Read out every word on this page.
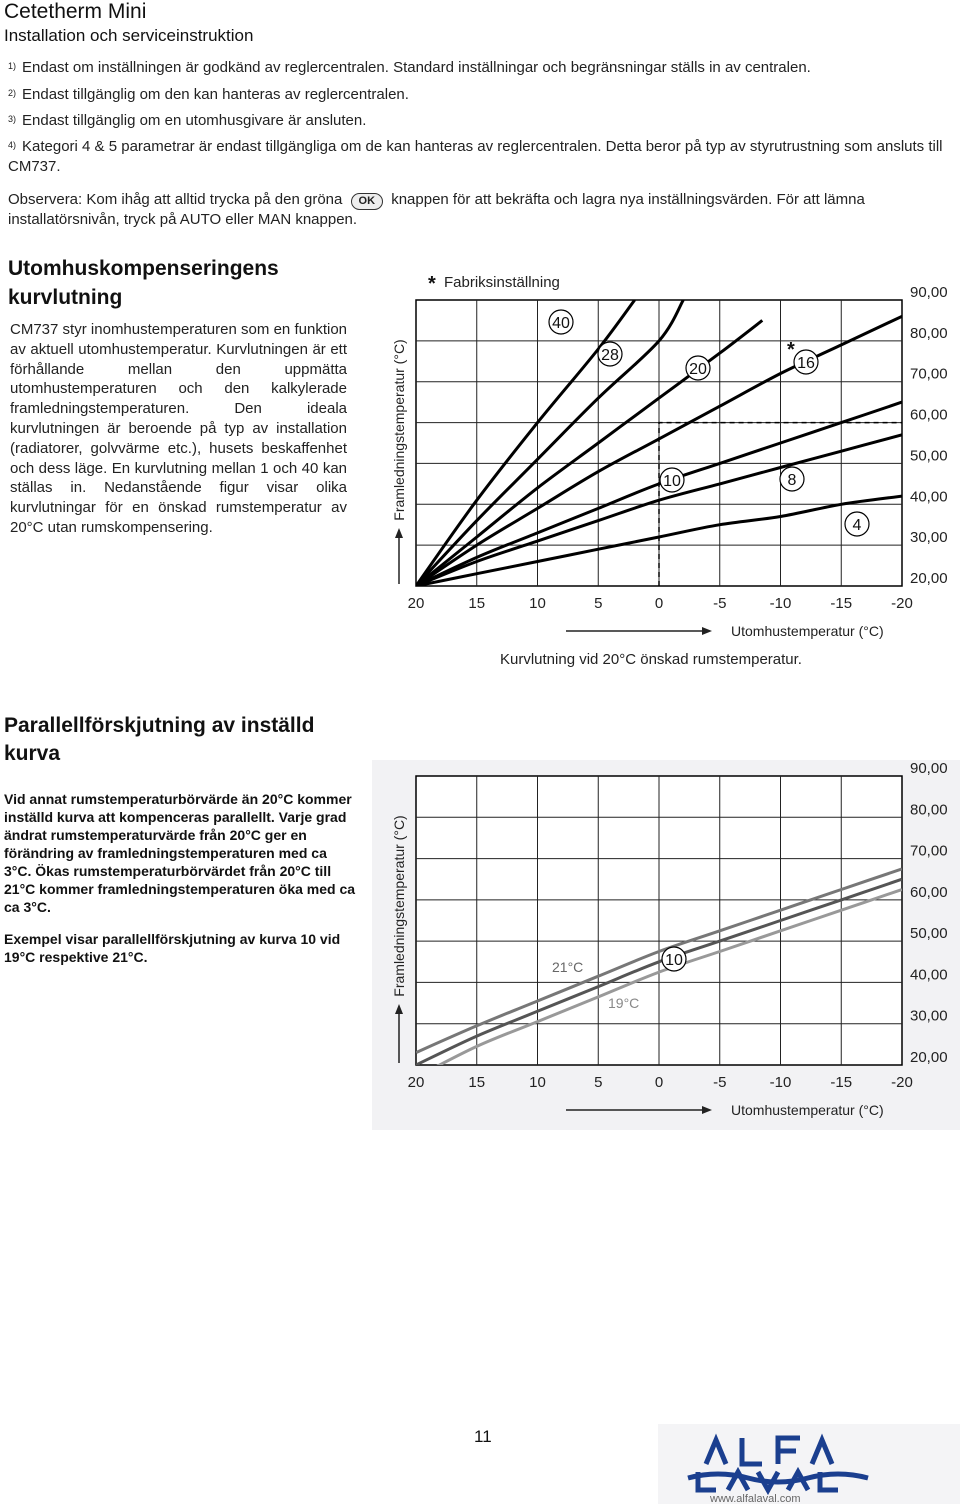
Cetetherm Mini
Installation och serviceinstruktion
$^{1)}$ Endast om inställningen är godkänd av reglercentralen. Standard inställningar och begränsningar ställs in av centralen.
$^{2)}$ Endast tillgänglig om den kan hanteras av reglercentralen.
$^{3)}$ Endast tillgänglig om en utomhusgivare är ansluten.
$^{4)}$ Kategori 4 & 5 parametrar är endast tillgängliga om de kan hanteras av reglercentralen. Detta beror på typ av styrutrustning som ansluts till CM737.
Observera: Kom ihåg att alltid trycka på den gröna OK knappen för att bekräfta och lagra nya inställningsvärden. För att lämna installatörsnivån, tryck på AUTO eller MAN knappen.
Utomhuskompenseringens kurvlutning
CM737 styr inomhustemperaturen som en funktion av aktuell utomhustemperatur. Kurvlutningen är ett förhållande mellan den uppmätta utomhustemperaturen och den kalkylerade framledningstemperaturen. Den ideala kurvlutningen är beroende på typ av installation (radiatorer, golvvärme etc.), husets beskaffenhet och dess läge. En kurvlutning mellan 1 och 40 kan ställas in. Nedanstående figur visar olika kurvlutningar för en önskad rumstemperatur av 20°C utan rumskompensering.
20	15	10	5	0	-5	-10	-15	-20
90,00
80,00
70,00
60,00
50,00
40,00
30,00
20,00
Framledningstemperatur (°C)
Utomhustemperatur (°C)
40
28
20	16
10	8
4
*
* Fabriksinställning
Kurvlutning vid 20°C önskad rumstemperatur.
Parallellförskjutning av inställd kurva

Vid annat rumstemperaturbörvärde än 20°C kommer inställd kurva att kompenceras parallellt. Varje grad ändrat rumstemperaturvärde från 20°C ger en förändring av framledningstemperaturen med ca 3°C. Ökas rumstemperaturbörvärdet från 20°C till 21°C kommer framledningstemperaturen öka med ca ca 3°C.

Exempel visar parallellförskjutning av kurva 10 vid 19°C respektive 21°C.

20	15	10	5	0	-5	-10	-15	-20
90,00
80,00
70,00
60,00
50,00
40,00
30,00
20,00
Framledningstemperatur (°C)
Utomhustemperatur (°C)
10
21°C
19°C
11
www.alfalaval.com
